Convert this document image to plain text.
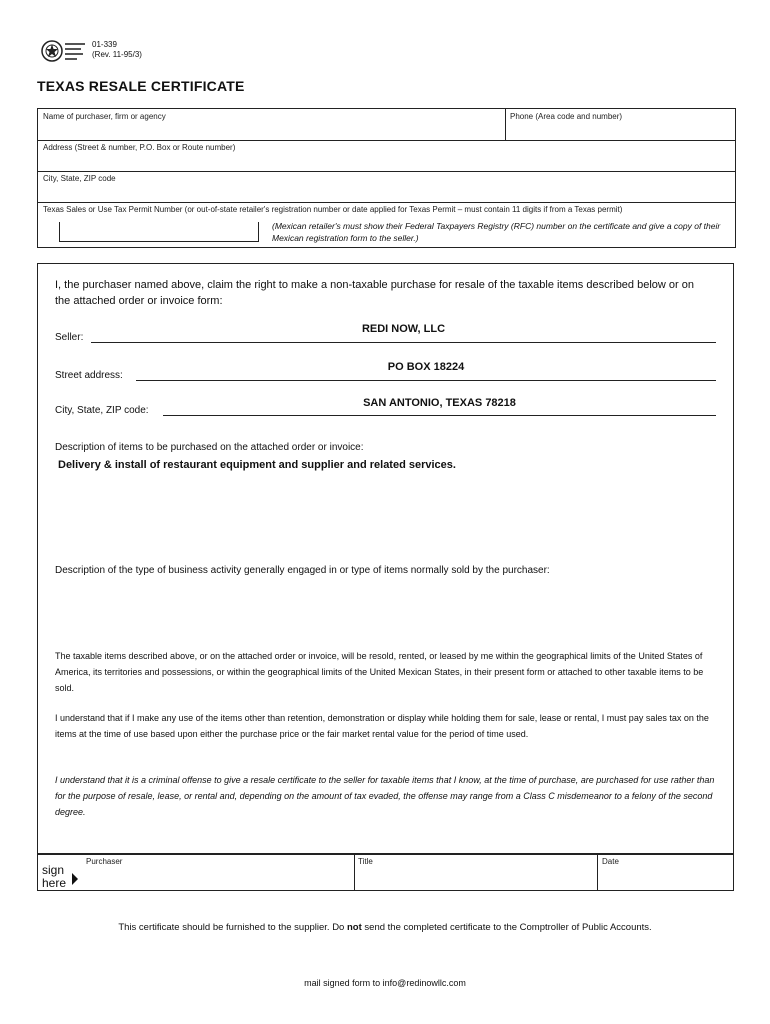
01-339
(Rev. 11-95/3)
TEXAS RESALE CERTIFICATE
Name of purchaser, firm or agency	Phone (Area code and number)
Address (Street & number, P.O. Box or Route number)
City, State, ZIP code
Texas Sales or Use Tax Permit Number (or out-of-state retailer's registration number or date applied for Texas Permit – must contain 11 digits if from a Texas permit)
(Mexican retailer's must show their Federal Taxpayers Registry (RFC) number on the certificate and give a copy of their Mexican registration form to the seller.)
I, the purchaser named above, claim the right to make a non-taxable purchase for resale of the taxable items described below or on the attached order or invoice form:
Seller:
REDI NOW, LLC
Street address:
PO BOX 18224
City, State, ZIP code:
SAN ANTONIO, TEXAS 78218
Description of items to be purchased on the attached order or invoice:
Delivery & install of restaurant equipment and supplier and related services.
Description of the type of business activity generally engaged in or type of items normally sold by the purchaser:
The taxable items described above, or on the attached order or invoice, will be resold, rented, or leased by me within the geographical limits of the United States of America, its territories and possessions, or within the geographical limits of the United Mexican States, in their present form or attached to other taxable items to be sold.
I understand that if I make any use of the items other than retention, demonstration or display while holding them for sale, lease or rental, I must pay sales tax on the items at the time of use based upon either the purchase price or the fair market rental value for the period of time used.
I understand that it is a criminal offense to give a resale certificate to the seller for taxable items that I know, at the time of purchase, are purchased for use rather than for the purpose of resale, lease, or rental and, depending on the amount of tax evaded, the offense may range from a Class C misdemeanor to a felony of the second degree.
Purchaser	Title	Date
sign
here
This certificate should be furnished to the supplier. Do not send the completed certificate to the Comptroller of Public Accounts.
mail signed form to info@redinowllc.com
